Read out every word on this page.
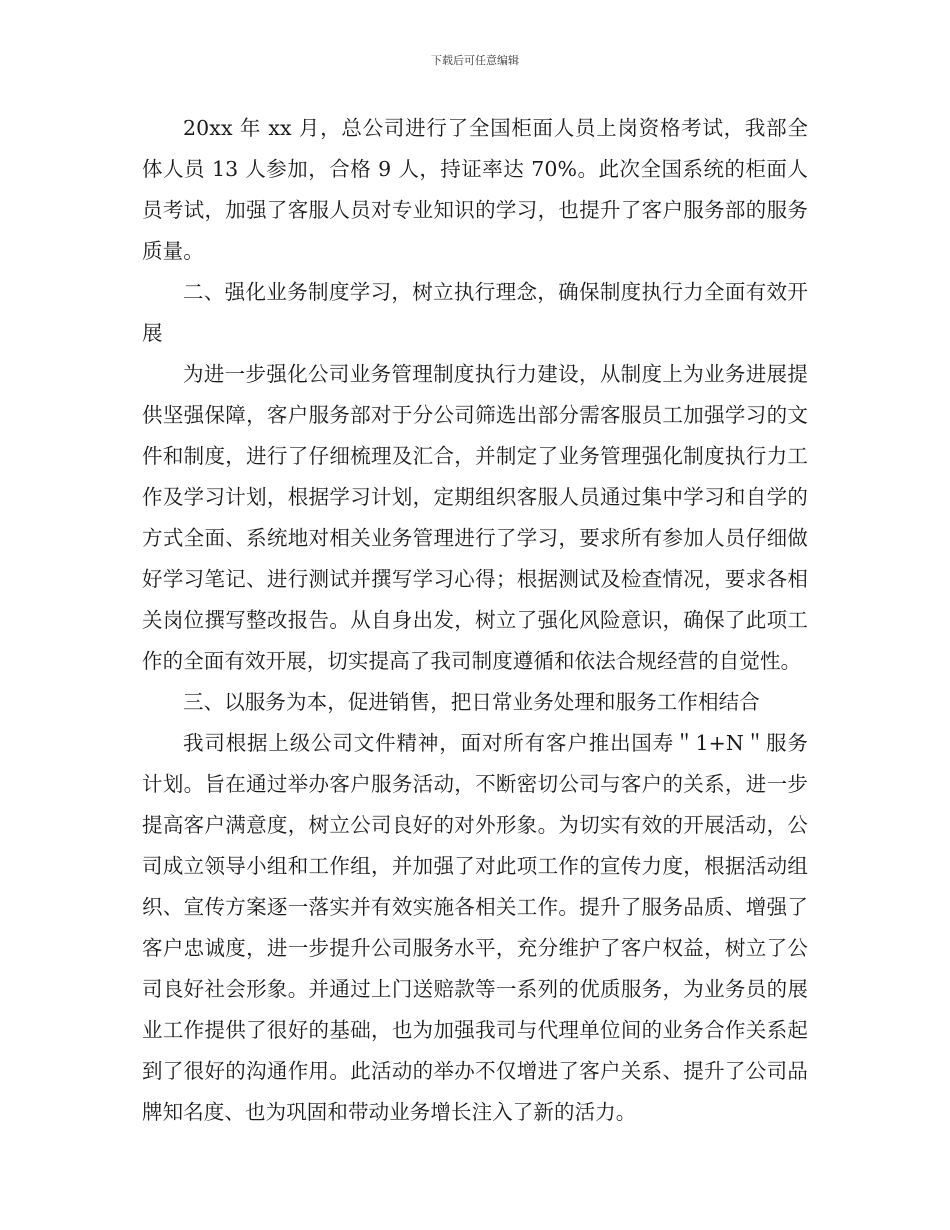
下载后可任意编辑

20xx 年 xx 月，总公司进行了全国柜面人员上岗资格考试，我部全体人员 13 人参加，合格 9 人，持证率达 70%。此次全国系统的柜面人员考试，加强了客服人员对专业知识的学习，也提升了客户服务部的服务质量。

二、强化业务制度学习，树立执行理念，确保制度执行力全面有效开展

为进一步强化公司业务管理制度执行力建设，从制度上为业务进展提供坚强保障，客户服务部对于分公司筛选出部分需客服员工加强学习的文件和制度，进行了仔细梳理及汇合，并制定了业务管理强化制度执行力工作及学习计划，根据学习计划，定期组织客服人员通过集中学习和自学的方式全面、系统地对相关业务管理进行了学习，要求所有参加人员仔细做好学习笔记、进行测试并撰写学习心得；根据测试及检查情况，要求各相关岗位撰写整改报告。从自身出发，树立了强化风险意识，确保了此项工作的全面有效开展，切实提高了我司制度遵循和依法合规经营的自觉性。

三、以服务为本，促进销售，把日常业务处理和服务工作相结合

我司根据上级公司文件精神，面对所有客户推出国寿＂1+N＂服务计划。旨在通过举办客户服务活动，不断密切公司与客户的关系，进一步提高客户满意度，树立公司良好的对外形象。为切实有效的开展活动，公司成立领导小组和工作组，并加强了对此项工作的宣传力度，根据活动组织、宣传方案逐一落实并有效实施各相关工作。提升了服务品质、增强了客户忠诚度，进一步提升公司服务水平，充分维护了客户权益，树立了公司良好社会形象。并通过上门送赔款等一系列的优质服务，为业务员的展业工作提供了很好的基础，也为加强我司与代理单位间的业务合作关系起到了很好的沟通作用。此活动的举办不仅增进了客户关系、提升了公司品牌知名度、也为巩固和带动业务增长注入了新的活力。
